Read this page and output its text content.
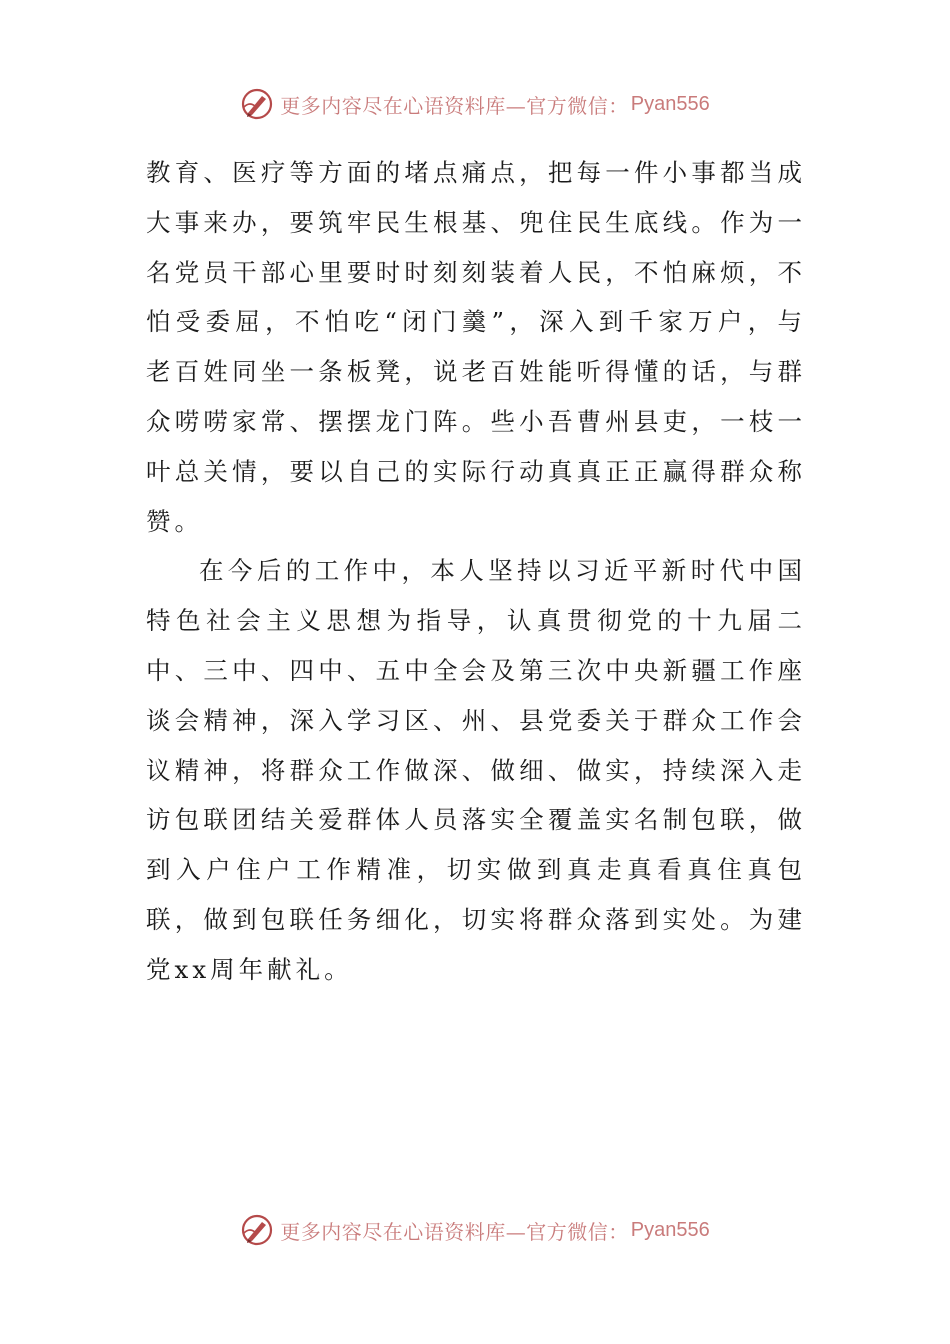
更多内容尽在心语资料库—官方微信： Pyan556

教育、医疗等方面的堵点痛点，把每一件小事都当成大事来办，要筑牢民生根基、兜住民生底线。作为一名党员干部心里要时时刻刻装着人民，不怕麻烦，不怕受委屈，不怕吃“闭门羹”，深入到千家万户，与老百姓同坐一条板凳，说老百姓能听得懂的话，与群众唠唠家常、摆摆龙门阵。些小吾曹州县吏，一枝一叶总关情，要以自己的实际行动真真正正赢得群众称赞。

在今后的工作中，本人坚持以习近平新时代中国特色社会主义思想为指导，认真贯彻党的十九届二中、三中、四中、五中全会及第三次中央新疆工作座谈会精神，深入学习区、州、县党委关于群众工作会议精神，将群众工作做深、做细、做实，持续深入走访包联团结关爱群体人员落实全覆盖实名制包联，做到入户住户工作精准，切实做到真走真看真住真包联，做到包联任务细化，切实将群众落到实处。为建党xx周年献礼。

更多内容尽在心语资料库—官方微信： Pyan556
